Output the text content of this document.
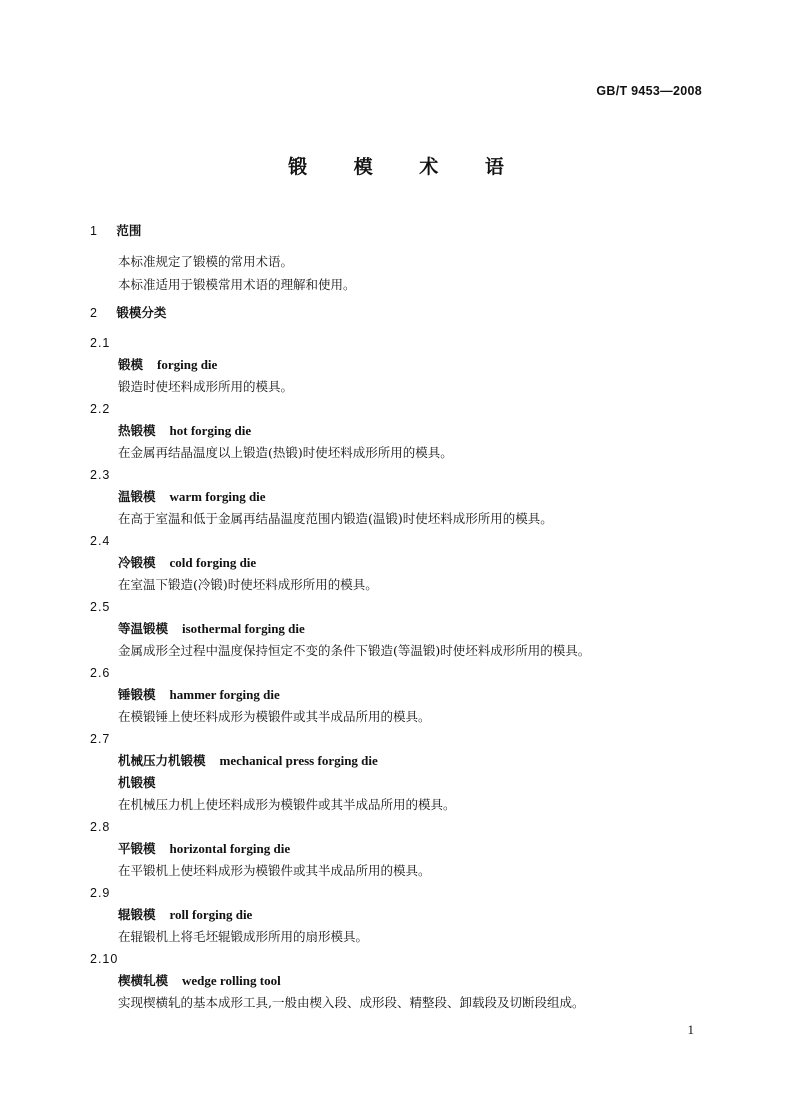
GB/T 9453—2008
锻 模 术 语
1 范围

本标准规定了锻模的常用术语。

本标准适用于锻模常用术语的理解和使用。

2 锻模分类
2.1
锻模 forging die
锻造时使坯料成形所用的模具。
2.2
热锻模 hot forging die
在金属再结晶温度以上锻造(热锻)时使坯料成形所用的模具。
2.3
温锻模 warm forging die
在高于室温和低于金属再结晶温度范围内锻造(温锻)时使坯料成形所用的模具。
2.4
冷锻模 cold forging die
在室温下锻造(冷锻)时使坯料成形所用的模具。
2.5
等温锻模 isothermal forging die
金属成形全过程中温度保持恒定不变的条件下锻造(等温锻)时使坯料成形所用的模具。
2.6
锤锻模 hammer forging die
在模锻锤上使坯料成形为模锻件或其半成品所用的模具。
2.7
机械压力机锻模 mechanical press forging die
机锻模
在机械压力机上使坯料成形为模锻件或其半成品所用的模具。
2.8
平锻模 horizontal forging die
在平锻机上使坯料成形为模锻件或其半成品所用的模具。
2.9
辊锻模 roll forging die
在辊锻机上将毛坯辊锻成形所用的扇形模具。
2.10
楔横轧模 wedge rolling tool
实现楔横轧的基本成形工具,一般由楔入段、成形段、精整段、卸载段及切断段组成。
1
